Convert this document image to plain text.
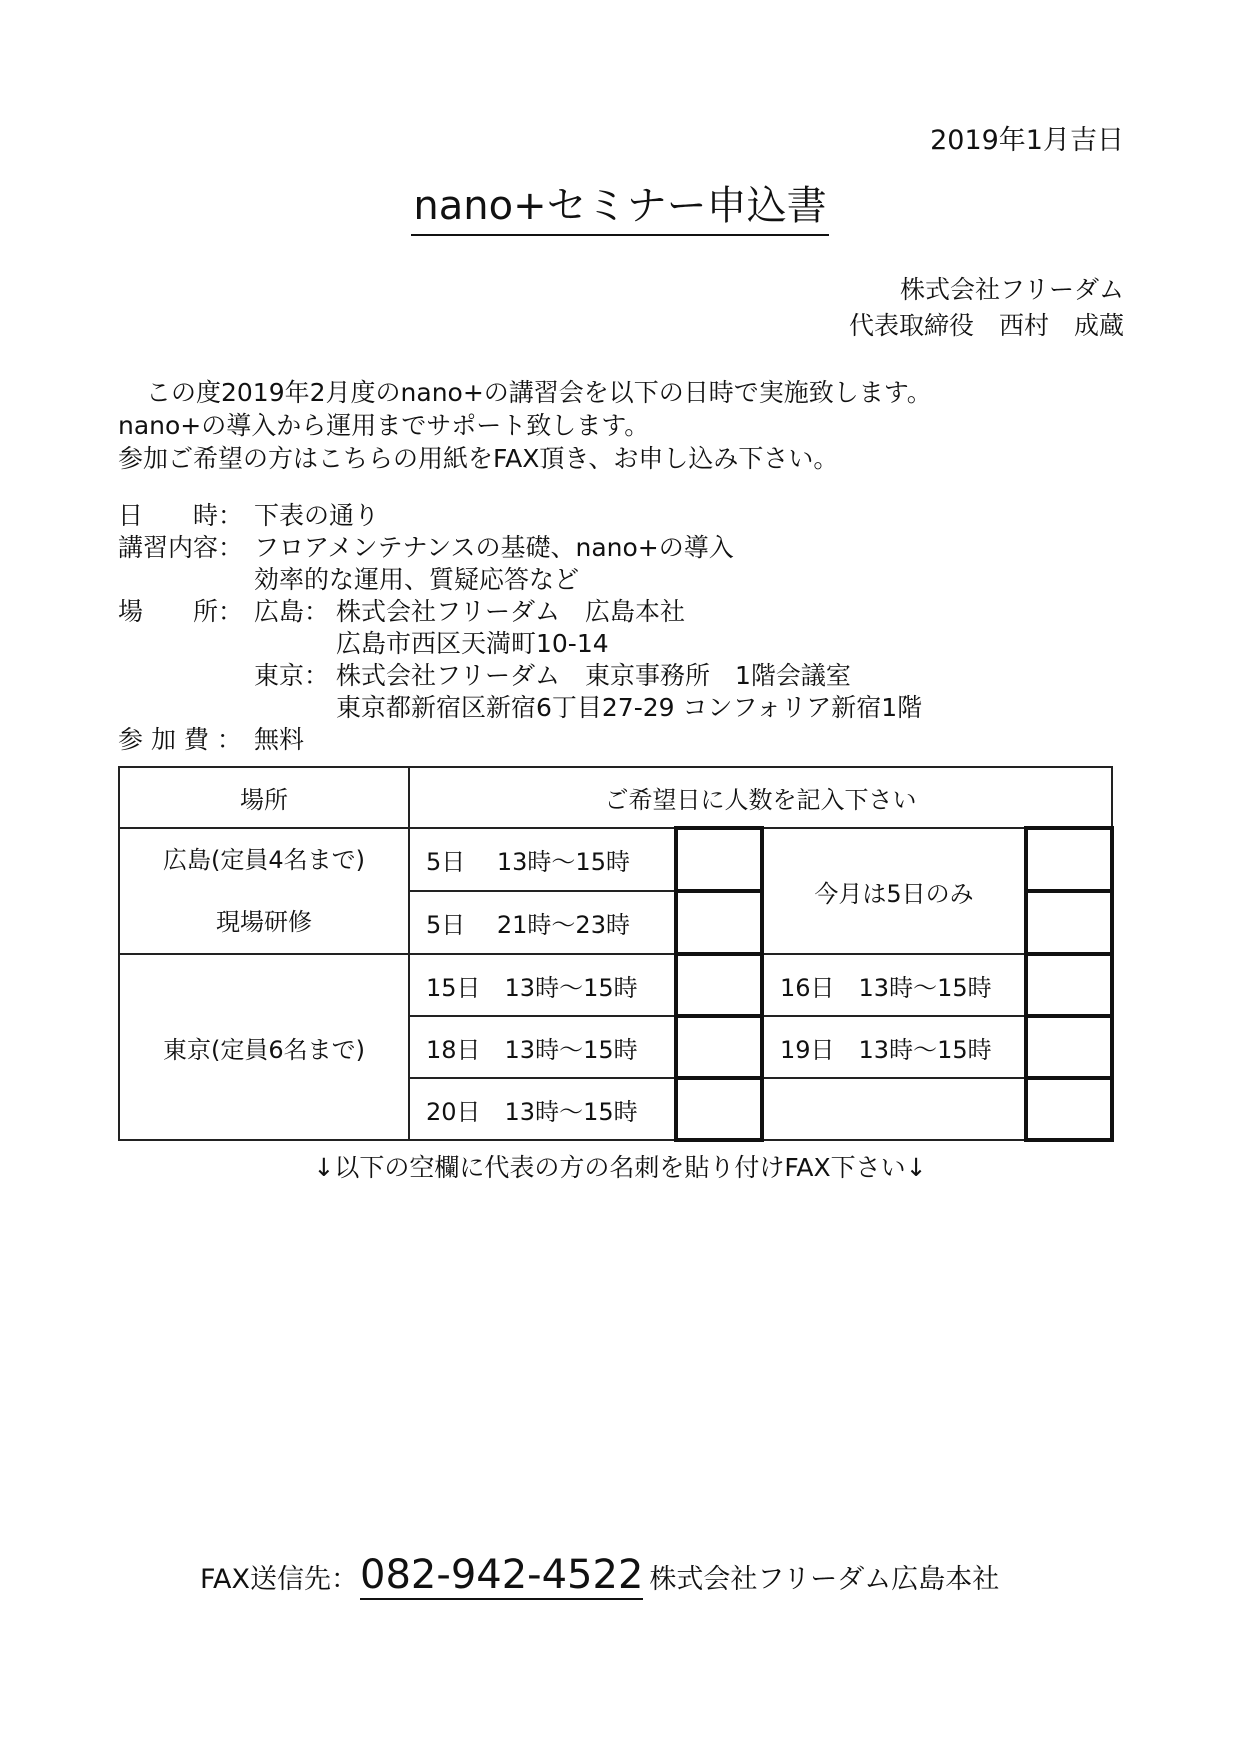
2019年1月吉日
nano+セミナー申込書
株式会社フリーダム
代表取締役　西村　成蔵
この度2019年2月度のnano+の講習会を以下の日時で実施致します。
nano+の導入から運用までサポート致します。
参加ご希望の方はこちらの用紙をFAX頂き、お申し込み下さい。
日　　時： 下表の通り
講習内容： フロアメンテナンスの基礎、nano+の導入
効率的な運用、質疑応答など
場　　所： 広島： 株式会社フリーダム　広島本社
広島市西区天満町10-14
東京： 株式会社フリーダム　東京事務所　1階会議室
東京都新宿区新宿6丁目27-29 コンフォリア新宿1階
参 加 費 ： 無料
場所	ご希望日に人数を記入下さい			

広島(定員4名まで)
現場研修	5日　 13時～15時		今月は5日のみ	
	5日　 21時～23時			
東京(定員6名まで)	15日　13時～15時		16日　13時～15時	
	18日　13時～15時		19日　13時～15時	
	20日　13時～15時			
↓以下の空欄に代表の方の名刺を貼り付けFAX下さい↓
FAX送信先：082-942-4522 株式会社フリーダム広島本社
